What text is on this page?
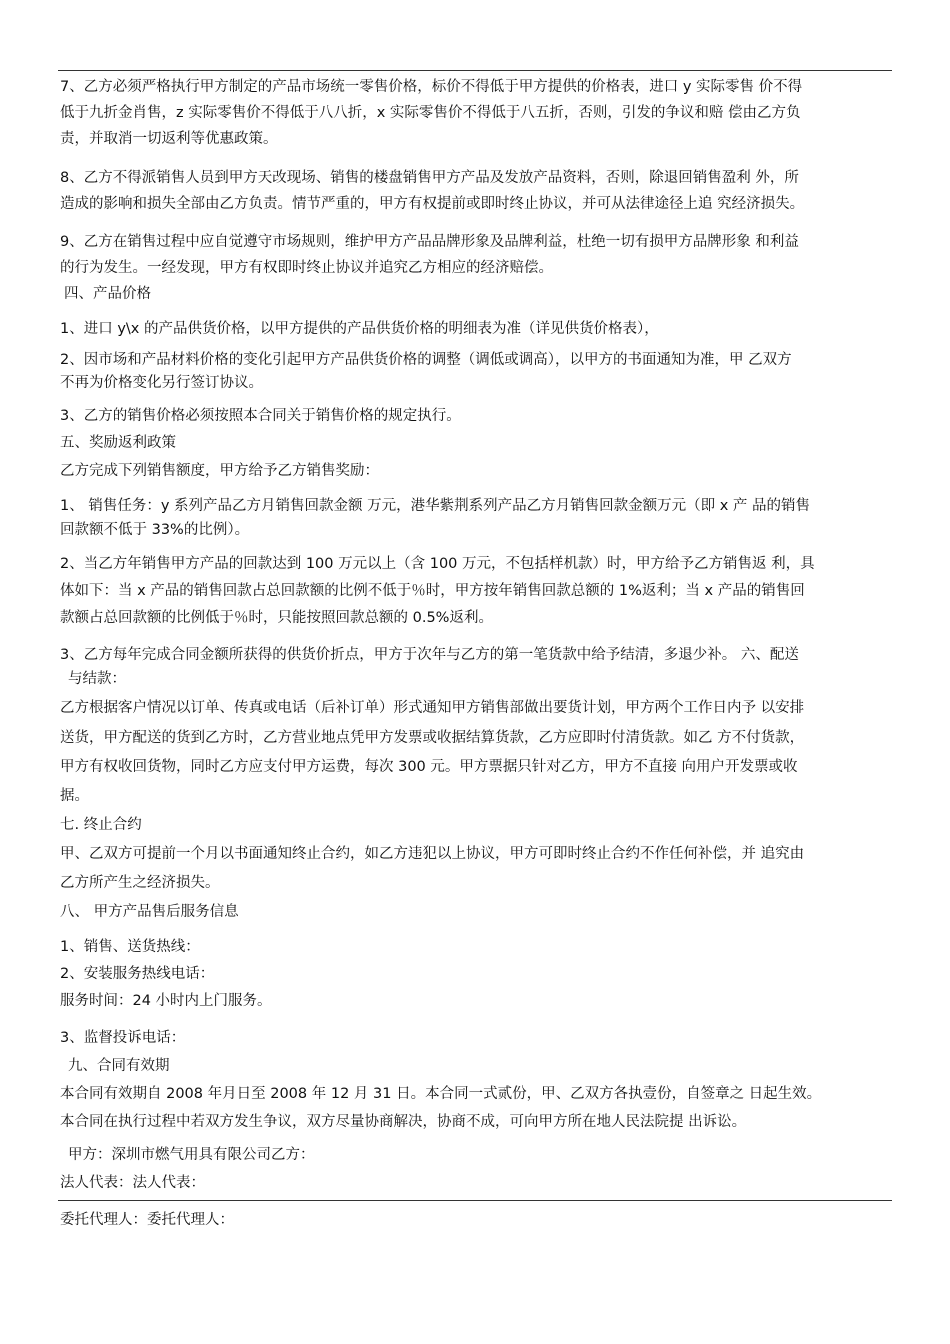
7、乙方必须严格执行甲方制定的产品市场统一零售价格，标价不得低于甲方提供的价格表，进口 y 实际零售 价不得

低于九折金肖售，z 实际零售价不得低于八八折，x 实际零售价不得低于八五折，否则，引发的争议和赔 偿由乙方负

责，并取消一切返利等优惠政策。

8、乙方不得派销售人员到甲方天改现场、销售的楼盘销售甲方产品及发放产品资料，否则，除退回销售盈利 外，所

造成的影响和损失全部由乙方负责。情节严重的，甲方有权提前或即时终止协议，并可从法律途径上追 究经济损失。

9、乙方在销售过程中应自觉遵守市场规则，维护甲方产品品牌形象及品牌利益，杜绝一切有损甲方品牌形象 和利益

的行为发生。一经发现，甲方有权即时终止协议并追究乙方相应的经济赔偿。

四、产品价格

1、进口 y\x 的产品供货价格，以甲方提供的产品供货价格的明细表为准（详见供货价格表），

2、因市场和产品材料价格的变化引起甲方产品供货价格的调整（调低或调高），以甲方的书面通知为准，甲 乙双方

不再为价格变化另行签订协议。

3、乙方的销售价格必须按照本合同关于销售价格的规定执行。

五、奖励返利政策

乙方完成下列销售额度，甲方给予乙方销售奖励：

1、 销售任务：y 系列产品乙方月销售回款金额 万元，港华紫荆系列产品乙方月销售回款金额万元（即 x 产 品的销售

回款额不低于 33%的比例）。

2、当乙方年销售甲方产品的回款达到 100 万元以上（含 100 万元，不包括样机款）时，甲方给予乙方销售返 利，具

体如下：当 x 产品的销售回款占总回款额的比例不低于％时，甲方按年销售回款总额的 1%返利；当 x 产品的销售回

款额占总回款额的比例低于％时，只能按照回款总额的 0.5%返利。

3、乙方每年完成合同金额所获得的供货价折点，甲方于次年与乙方的第一笔货款中给予结清，多退少补。 六、配送

与结款：

乙方根据客户情况以订单、传真或电话（后补订单）形式通知甲方销售部做出要货计划，甲方两个工作日内予 以安排

送货，甲方配送的货到乙方时，乙方营业地点凭甲方发票或收据结算货款，乙方应即时付清货款。如乙 方不付货款，

甲方有权收回货物，同时乙方应支付甲方运费，每次 300 元。甲方票据只针对乙方，甲方不直接 向用户开发票或收

据。

七. 终止合约

甲、乙双方可提前一个月以书面通知终止合约，如乙方违犯以上协议，甲方可即时终止合约不作任何补偿，并 追究由

乙方所产生之经济损失。

八、 甲方产品售后服务信息

1、销售、送货热线：

2、安装服务热线电话：

服务时间：24 小时内上门服务。

3、监督投诉电话：

九、合同有效期

本合同有效期自 2008 年月日至 2008 年 12 月 31 日。本合同一式贰份，甲、乙双方各执壹份，自签章之 日起生效。

本合同在执行过程中若双方发生争议，双方尽量协商解决，协商不成，可向甲方所在地人民法院提 出诉讼。

甲方：深圳市燃气用具有限公司乙方：

法人代表：法人代表：

委托代理人：委托代理人：
